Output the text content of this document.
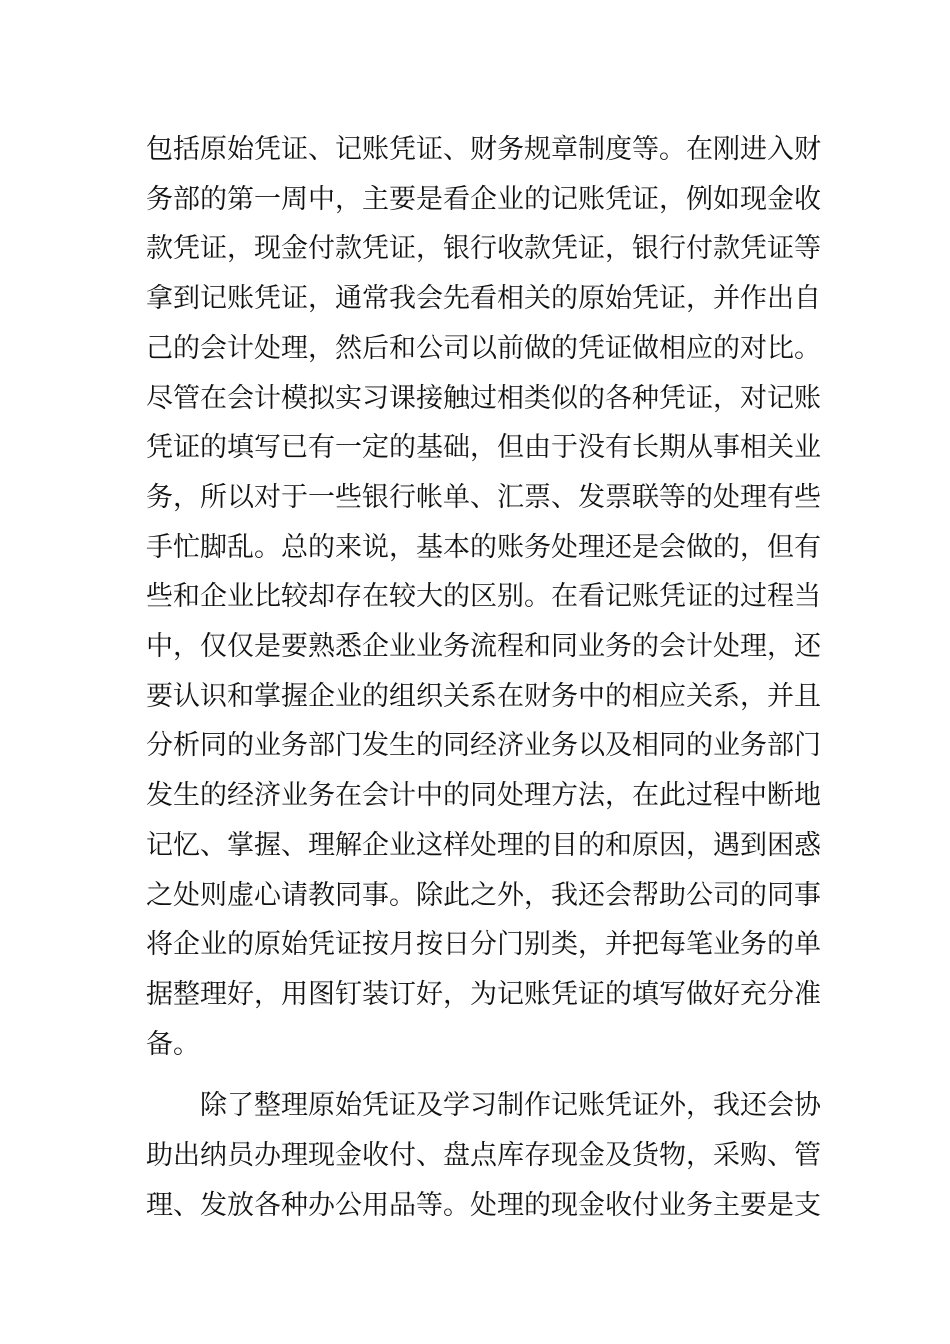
包括原始凭证、记账凭证、财务规章制度等。在刚进入财
务部的第一周中，主要是看企业的记账凭证，例如现金收
款凭证，现金付款凭证，银行收款凭证，银行付款凭证等
拿到记账凭证，通常我会先看相关的原始凭证，并作出自
己的会计处理，然后和公司以前做的凭证做相应的对比。
尽管在会计模拟实习课接触过相类似的各种凭证，对记账
凭证的填写已有一定的基础，但由于没有长期从事相关业
务，所以对于一些银行帐单、汇票、发票联等的处理有些
手忙脚乱。总的来说，基本的账务处理还是会做的，但有
些和企业比较却存在较大的区别。在看记账凭证的过程当
中，仅仅是要熟悉企业业务流程和同业务的会计处理，还
要认识和掌握企业的组织关系在财务中的相应关系，并且
分析同的业务部门发生的同经济业务以及相同的业务部门
发生的经济业务在会计中的同处理方法，在此过程中断地
记忆、掌握、理解企业这样处理的目的和原因，遇到困惑
之处则虚心请教同事。除此之外，我还会帮助公司的同事
将企业的原始凭证按月按日分门别类，并把每笔业务的单
据整理好，用图钉装订好，为记账凭证的填写做好充分准
备。
除了整理原始凭证及学习制作记账凭证外，我还会协
助出纳员办理现金收付、盘点库存现金及货物，采购、管
理、发放各种办公用品等。处理的现金收付业务主要是支
